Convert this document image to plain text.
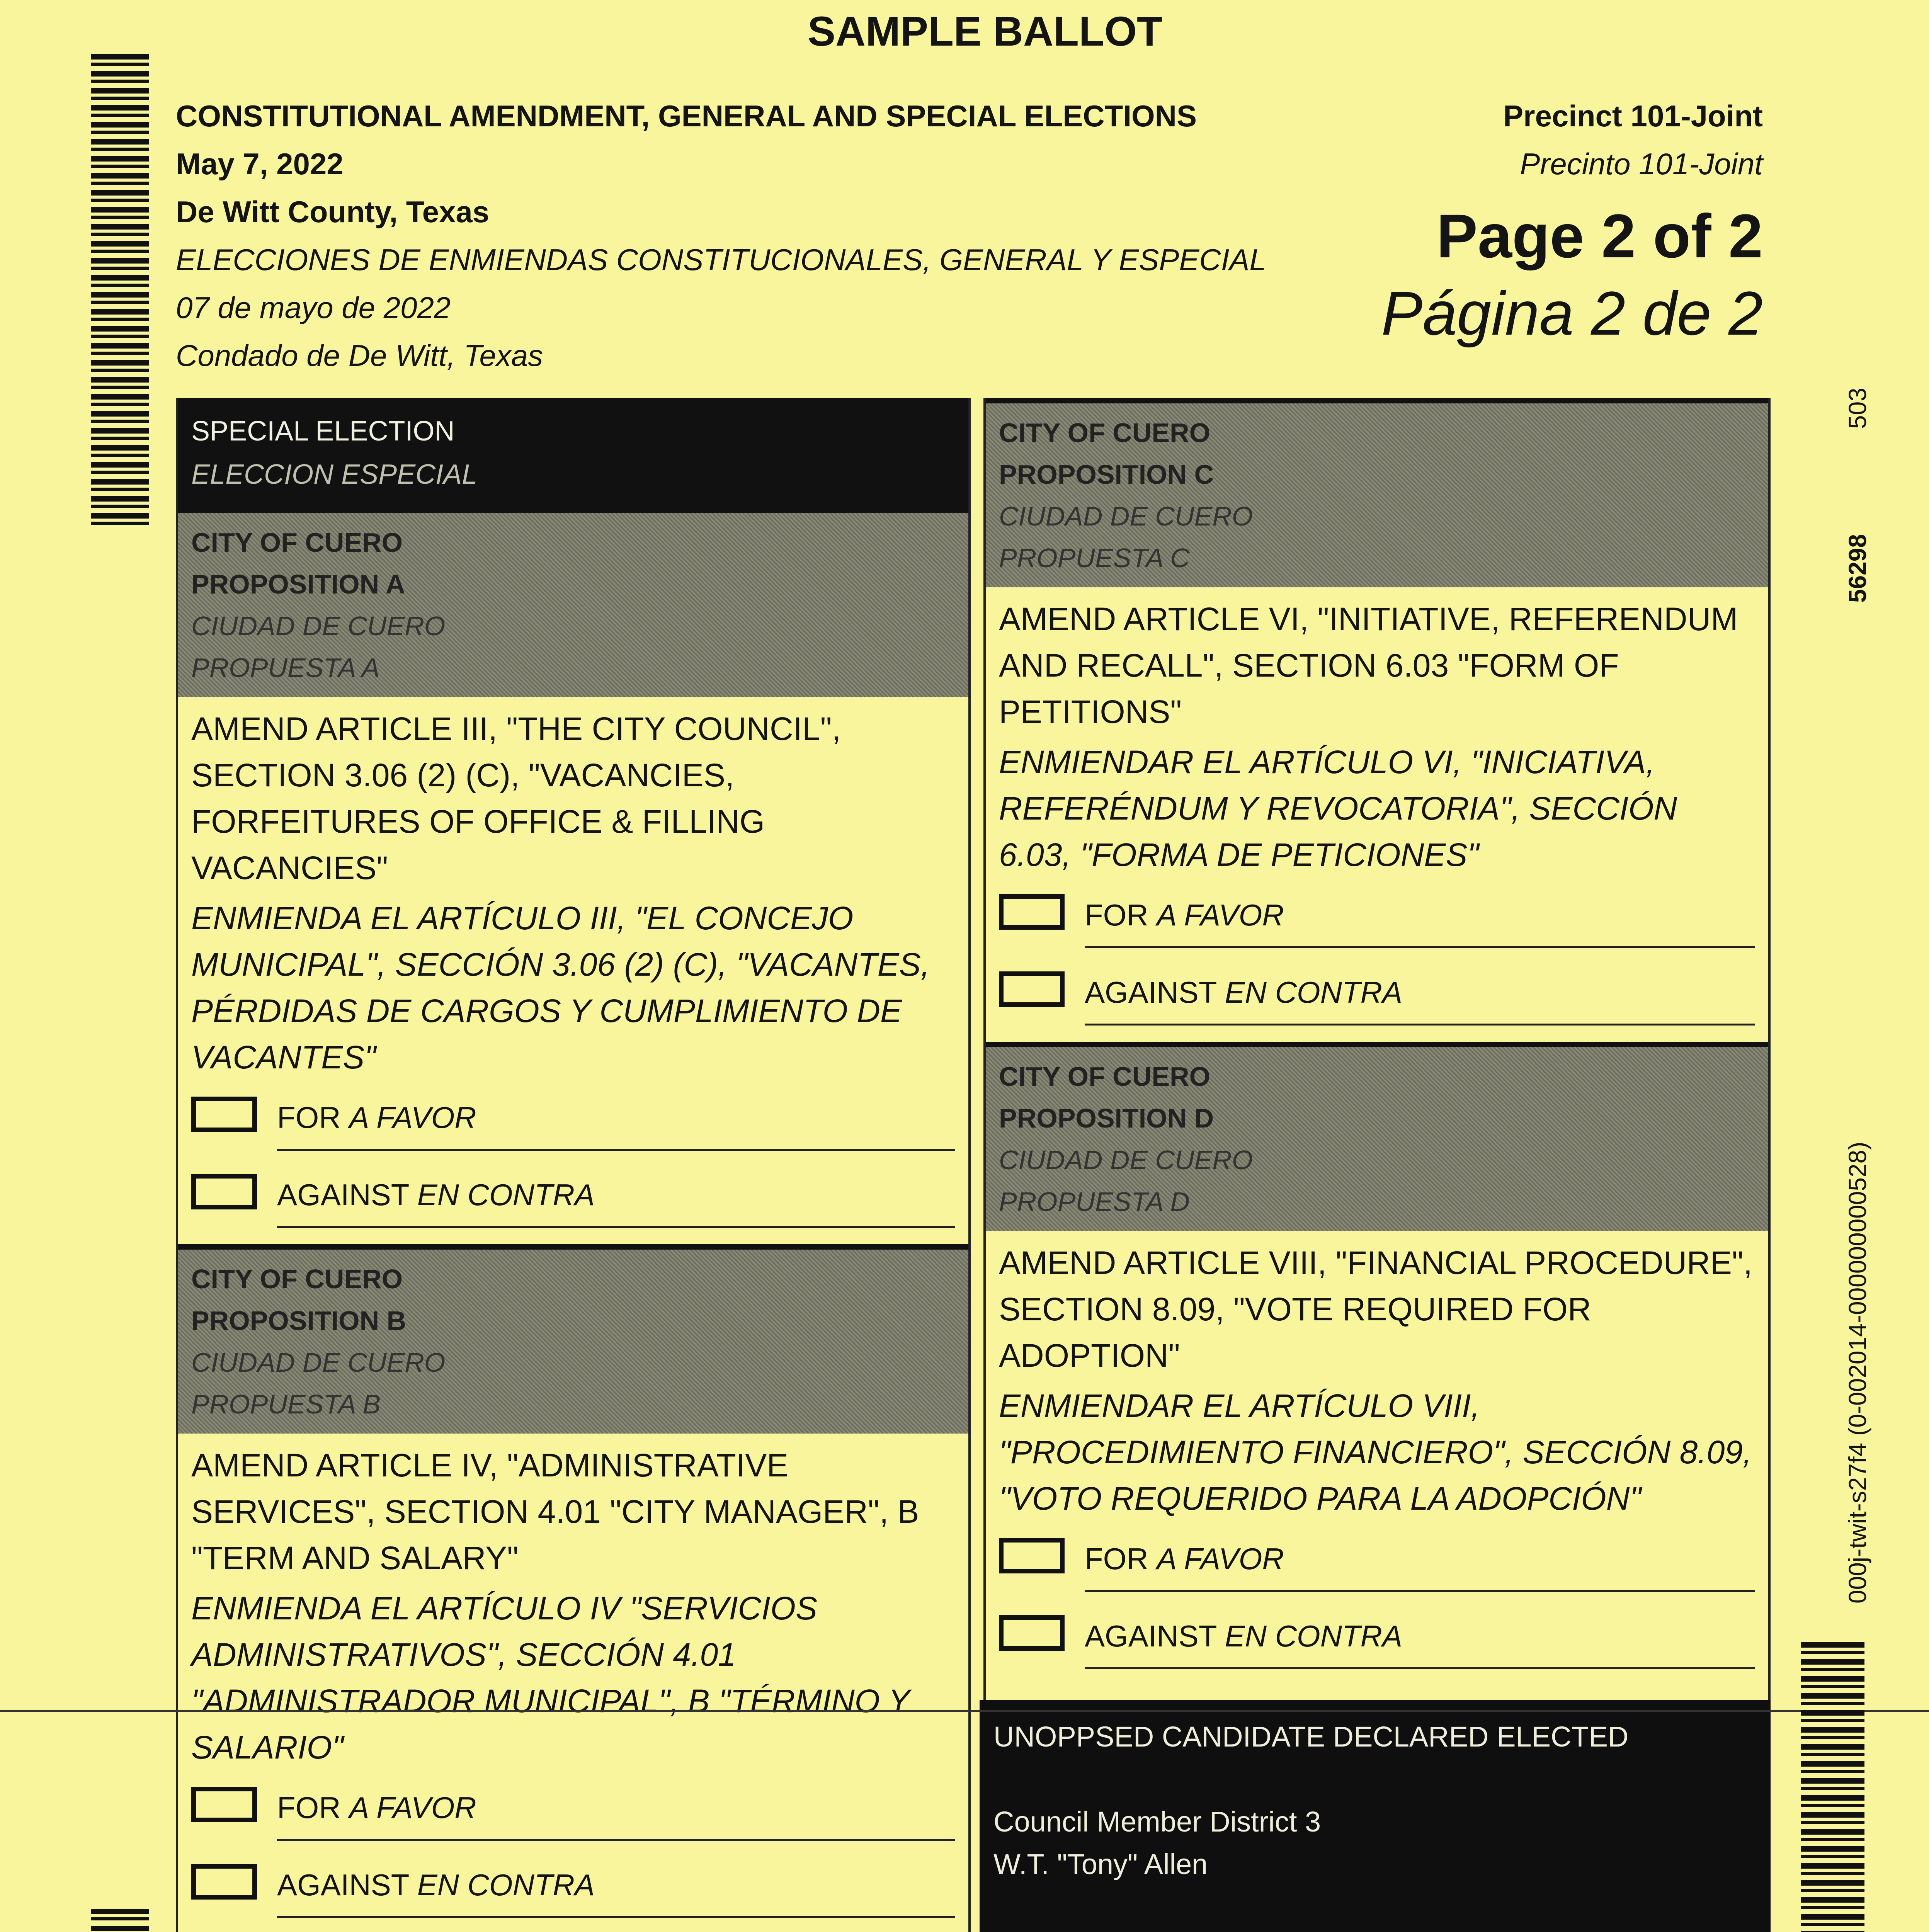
SAMPLE BALLOT
CONSTITUTIONAL AMENDMENT, GENERAL AND SPECIAL ELECTIONS
May 7, 2022
De Witt County, Texas
ELECCIONES DE ENMIENDAS CONSTITUCIONALES, GENERAL Y ESPECIAL
07 de mayo de 2022
Condado de De Witt, Texas
Precinct 101-Joint
Precinto 101-Joint
Page 2 of 2
Página 2 de 2
SPECIAL ELECTION
ELECCION ESPECIAL
CITY OF CUERO
PROPOSITION A
CIUDAD DE CUERO
PROPUESTA A
AMEND ARTICLE III, "THE CITY COUNCIL", SECTION 3.06 (2) (C), "VACANCIES, FORFEITURES OF OFFICE & FILLING VACANCIES"
ENMIENDA EL ARTÍCULO III, "EL CONCEJO MUNICIPAL", SECCIÓN 3.06 (2) (C), "VACANTES, PÉRDIDAS DE CARGOS Y CUMPLIMIENTO DE VACANTES"
FOR A FAVOR
AGAINST EN CONTRA
CITY OF CUERO
PROPOSITION B
CIUDAD DE CUERO
PROPUESTA B
AMEND ARTICLE IV, "ADMINISTRATIVE SERVICES", SECTION 4.01 "CITY MANAGER", B "TERM AND SALARY"
ENMIENDA EL ARTÍCULO IV "SERVICIOS ADMINISTRATIVOS", SECCIÓN 4.01 "ADMINISTRADOR MUNICIPAL", B "TÉRMINO Y SALARIO"
FOR A FAVOR
AGAINST EN CONTRA
CITY OF CUERO
PROPOSITION C
CIUDAD DE CUERO
PROPUESTA C
AMEND ARTICLE VI, "INITIATIVE, REFERENDUM AND RECALL", SECTION 6.03 "FORM OF PETITIONS"
ENMIENDAR EL ARTÍCULO VI, "INICIATIVA, REFERÉNDUM Y REVOCATORIA", SECCIÓN 6.03, "FORMA DE PETICIONES"
FOR A FAVOR
AGAINST EN CONTRA
CITY OF CUERO
PROPOSITION D
CIUDAD DE CUERO
PROPUESTA D
AMEND ARTICLE VIII, "FINANCIAL PROCEDURE", SECTION 8.09, "VOTE REQUIRED FOR ADOPTION"
ENMIENDAR EL ARTÍCULO VIII, "PROCEDIMIENTO FINANCIERO", SECCIÓN 8.09, "VOTO REQUERIDO PARA LA ADOPCIÓN"
FOR A FAVOR
AGAINST EN CONTRA
UNOPPSED CANDIDATE DECLARED ELECTED
Council Member District 3
W.T. "Tony" Allen
503
56298
000j-twit-s27f4 (0-002014-000000000528)
